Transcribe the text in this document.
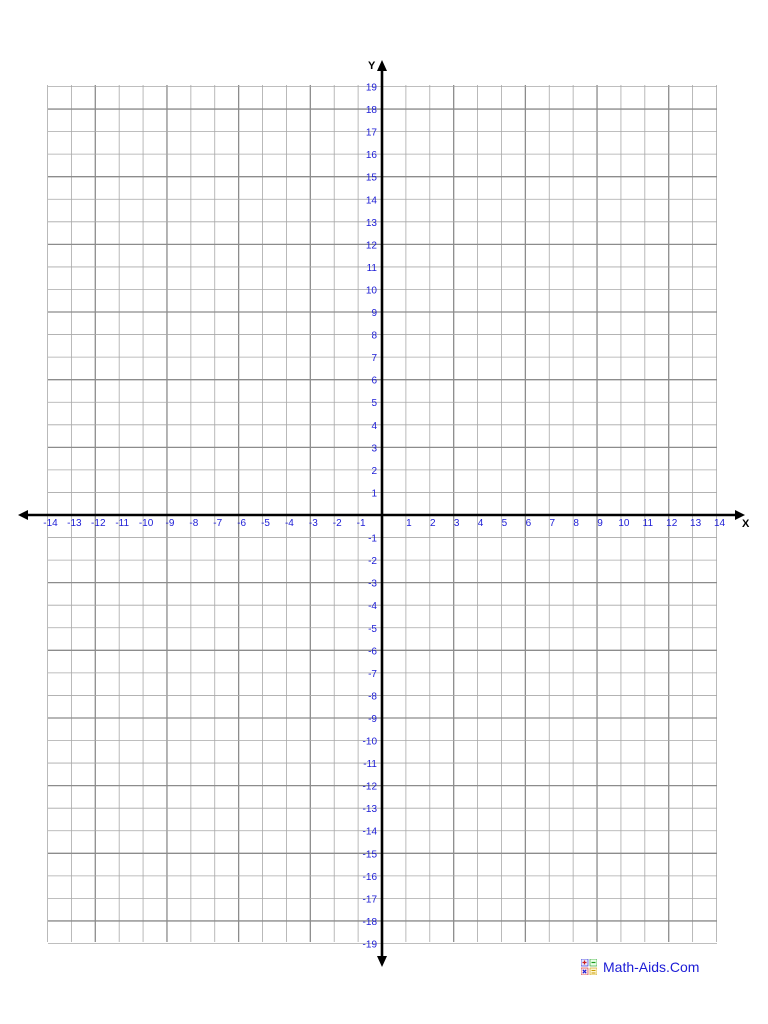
-14 -13 -12 -11 -10 -9 -8 -7 -6 -5 -4 -3 -2 -1	1 2 3 4 5 6 7 8 9 10 11 12 13 14
19
18
17
16
15
14
13
12
11
10
9
8
7
6
5
4
3
2
1
-1
-2
-3
-4
-5
-6
-7
-8
-9
-10
-11
-12
-13
-14
-15
-16
-17
-18
-19
X
Y
Math-Aids.Com
